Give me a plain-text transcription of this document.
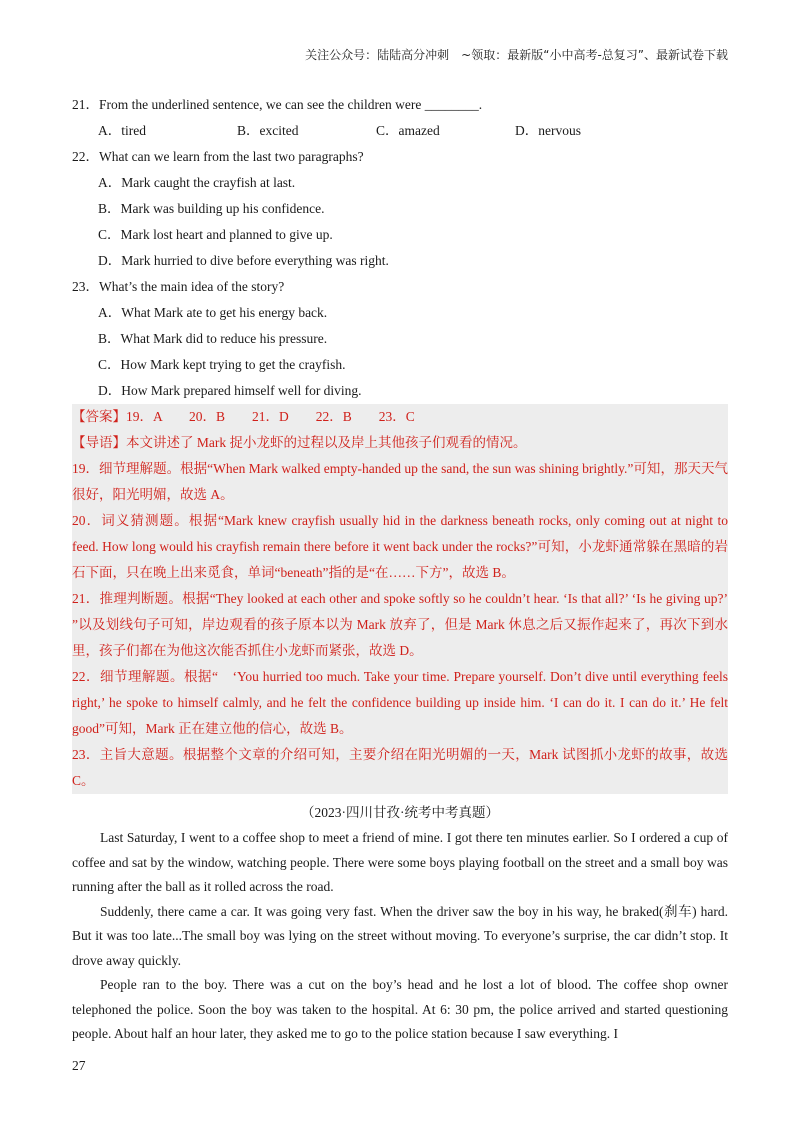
关注公众号：陆陆高分冲刺　~领取：最新版“小中高考-总复习”、最新试卷下载
21．From the underlined sentence, we can see the children were ________.
A．tired	B．excited	C．amazed	D．nervous
22．What can we learn from the last two paragraphs?
A．Mark caught the crayfish at last.
B．Mark was building up his confidence.
C．Mark lost heart and planned to give up.
D．Mark hurried to dive before everything was right.
23．What’s the main idea of the story?
A．What Mark ate to get his energy back.
B．What Mark did to reduce his pressure.
C．How Mark kept trying to get the crayfish.
D．How Mark prepared himself well for diving.

【答案】19．A　　20．B　　21．D　　22．B　　23．C

【导语】本文讲述了 Mark 捉小龙虾的过程以及岸上其他孩子们观看的情况。

19．细节理解题。根据“When Mark walked empty-handed up the sand, the sun was shining brightly.”可知，那天天气很好，阳光明媚，故选 A。

20．词义猜测题。根据“Mark knew crayfish usually hid in the darkness beneath rocks, only coming out at night to feed. How long would his crayfish remain there before it went back under the rocks?”可知，小龙虾通常躲在黑暗的岩石下面，只在晚上出来觅食，单词“beneath”指的是“在……下方”，故选 B。

21．推理判断题。根据“They looked at each other and spoke softly so he couldn’t hear. ‘Is that all?’ ‘Is he giving up?’ ”以及划线句子可知，岸边观看的孩子原本以为 Mark 放弃了，但是 Mark 休息之后又振作起来了，再次下到水里，孩子们都在为他这次能否抓住小龙虾而紧张，故选 D。

22．细节理解题。根据“　‘You hurried too much. Take your time. Prepare yourself. Don’t dive until everything feels right,’ he spoke to himself calmly, and he felt the confidence building up inside him. ‘I can do it. I can do it.’ He felt good”可知，Mark 正在建立他的信心，故选 B。

23．主旨大意题。根据整个文章的介绍可知，主要介绍在阳光明媚的一天，Mark 试图抓小龙虾的故事，故选 C。

（2023·四川甘孜·统考中考真题）

Last Saturday, I went to a coffee shop to meet a friend of mine. I got there ten minutes earlier. So I ordered a cup of coffee and sat by the window, watching people. There were some boys playing football on the street and a small boy was running after the ball as it rolled across the road.

Suddenly, there came a car. It was going very fast. When the driver saw the boy in his way, he braked(刹车) hard. But it was too late...The small boy was lying on the street without moving. To everyone’s surprise, the car didn’t stop. It drove away quickly.

People ran to the boy. There was a cut on the boy’s head and he lost a lot of blood. The coffee shop owner telephoned the police. Soon the boy was taken to the hospital. At 6: 30 pm, the police arrived and started questioning people. About half an hour later, they asked me to go to the police station because I saw everything. I

27
